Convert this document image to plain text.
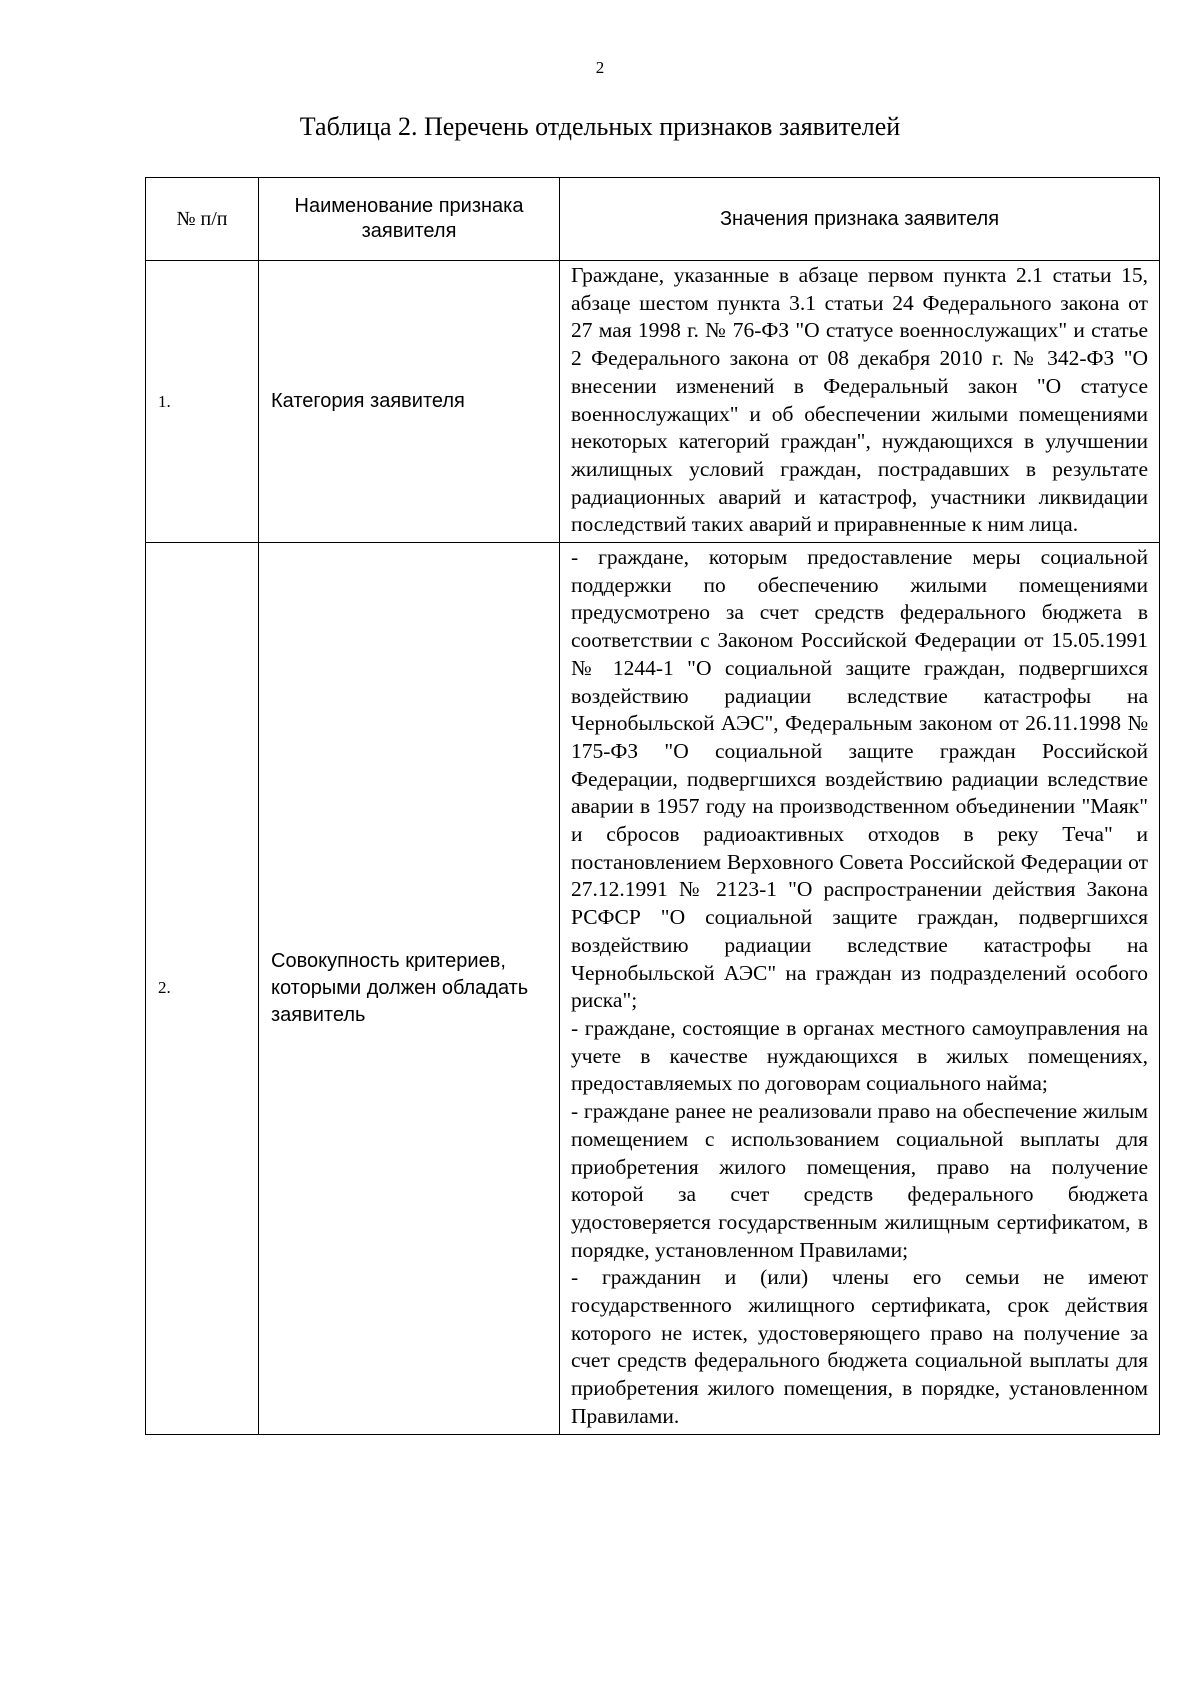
2
Таблица 2. Перечень отдельных признаков заявителей
№ п/п	Наименование признака заявителя	Значения признака заявителя
1.	Категория заявителя	Граждане, указанные в абзаце первом пункта 2.1 статьи 15, абзаце шестом пункта 3.1 статьи 24 Федерального закона от 27 мая 1998 г. № 76-ФЗ "О статусе военнослужащих" и статье 2 Федерального закона от 08 декабря 2010 г. № 342-ФЗ "О внесении изменений в Федеральный закон "О статусе военнослужащих" и об обеспечении жилыми помещениями некоторых категорий граждан", нуждающихся в улучшении жилищных условий граждан, пострадавших в результате радиационных аварий и катастроф, участники ликвидации последствий таких аварий и приравненные к ним лица.

2.	Совокупность критериев, которыми должен обладать заявитель	- граждане, которым предоставление меры социальной поддержки по обеспечению жилыми помещениями предусмотрено за счет средств федерального бюджета в соответствии с Законом Российской Федерации от 15.05.1991 № 1244-1 "О социальной защите граждан, подвергшихся воздействию радиации вследствие катастрофы на Чернобыльской АЭС", Федеральным законом от 26.11.1998 № 175-ФЗ "О социальной защите граждан Российской Федерации, подвергшихся воздействию радиации вследствие аварии в 1957 году на производственном объединении "Маяк" и сбросов радиоактивных отходов в реку Теча" и постановлением Верховного Совета Российской Федерации от 27.12.1991 № 2123-1 "О распространении действия Закона РСФСР "О социальной защите граждан, подвергшихся воздействию радиации вследствие катастрофы на Чернобыльской АЭС" на граждан из подразделений особого риска";

- граждане, состоящие в органах местного самоуправления на учете в качестве нуждающихся в жилых помещениях, предоставляемых по договорам социального найма;

- граждане ранее не реализовали право на обеспечение жилым помещением с использованием социальной выплаты для приобретения жилого помещения, право на получение которой за счет средств федерального бюджета удостоверяется государственным жилищным сертификатом, в порядке, установленном Правилами;

- гражданин и (или) члены его семьи не имеют государственного жилищного сертификата, срок действия которого не истек, удостоверяющего право на получение за счет средств федерального бюджета социальной выплаты для приобретения жилого помещения, в порядке, установленном Правилами.
